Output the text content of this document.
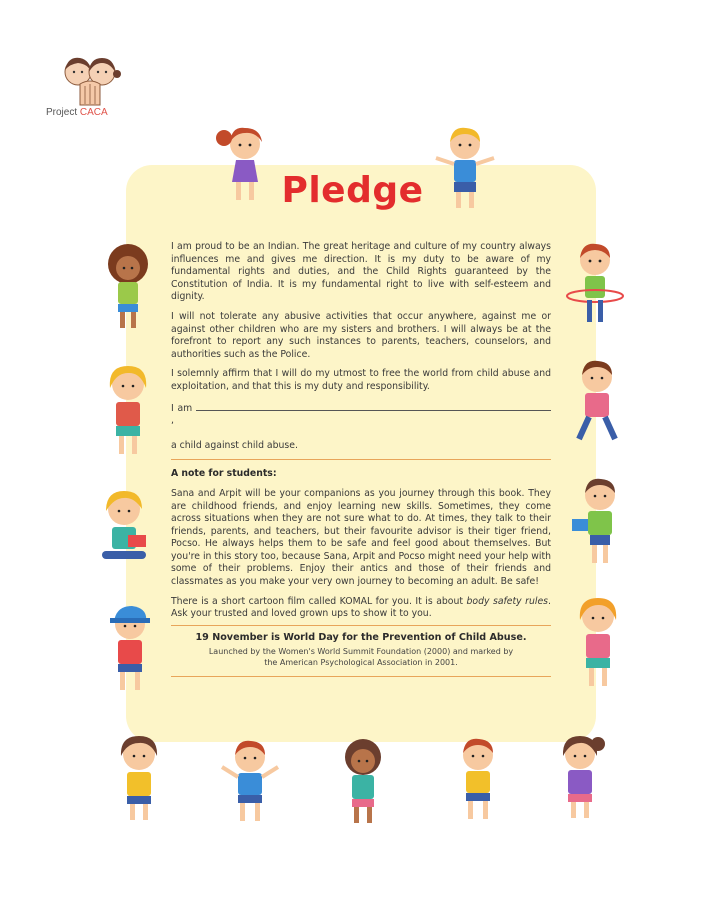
Project CACA
Pledge

I am proud to be an Indian. The great heritage and culture of my country always influences me and gives me direction. It is my duty to be aware of my fundamental rights and duties, and the Child Rights guaranteed by the Constitution of India. It is my fundamental right to live with self-esteem and dignity.

I will not tolerate any abusive activities that occur anywhere, against me or against other children who are my sisters and brothers. I will always be at the forefront to report any such instances to parents, teachers, counselors, and authorities such as the Police.

I solemnly affirm that I will do my utmost to free the world from child abuse and exploitation, and that this is my duty and responsibility.

I am ,

a child against child abuse.

A note for students:

Sana and Arpit will be your companions as you journey through this book. They are childhood friends, and enjoy learning new skills. Sometimes, they come across situations when they are not sure what to do. At times, they talk to their friends, parents, and teachers, but their favourite advisor is their tiger friend, Pocso. He always helps them to be safe and feel good about themselves. But you're in this story too, because Sana, Arpit and Pocso might need your help with some of their problems. Enjoy their antics and those of their friends and classmates as you make your very own journey to becoming an adult. Be safe!

There is a short cartoon film called KOMAL for you. It is about body safety rules. Ask your trusted and loved grown ups to show it to you.

19 November is World Day for the Prevention of Child Abuse.
Launched by the Women's World Summit Foundation (2000) and marked by
the American Psychological Association in 2001.
